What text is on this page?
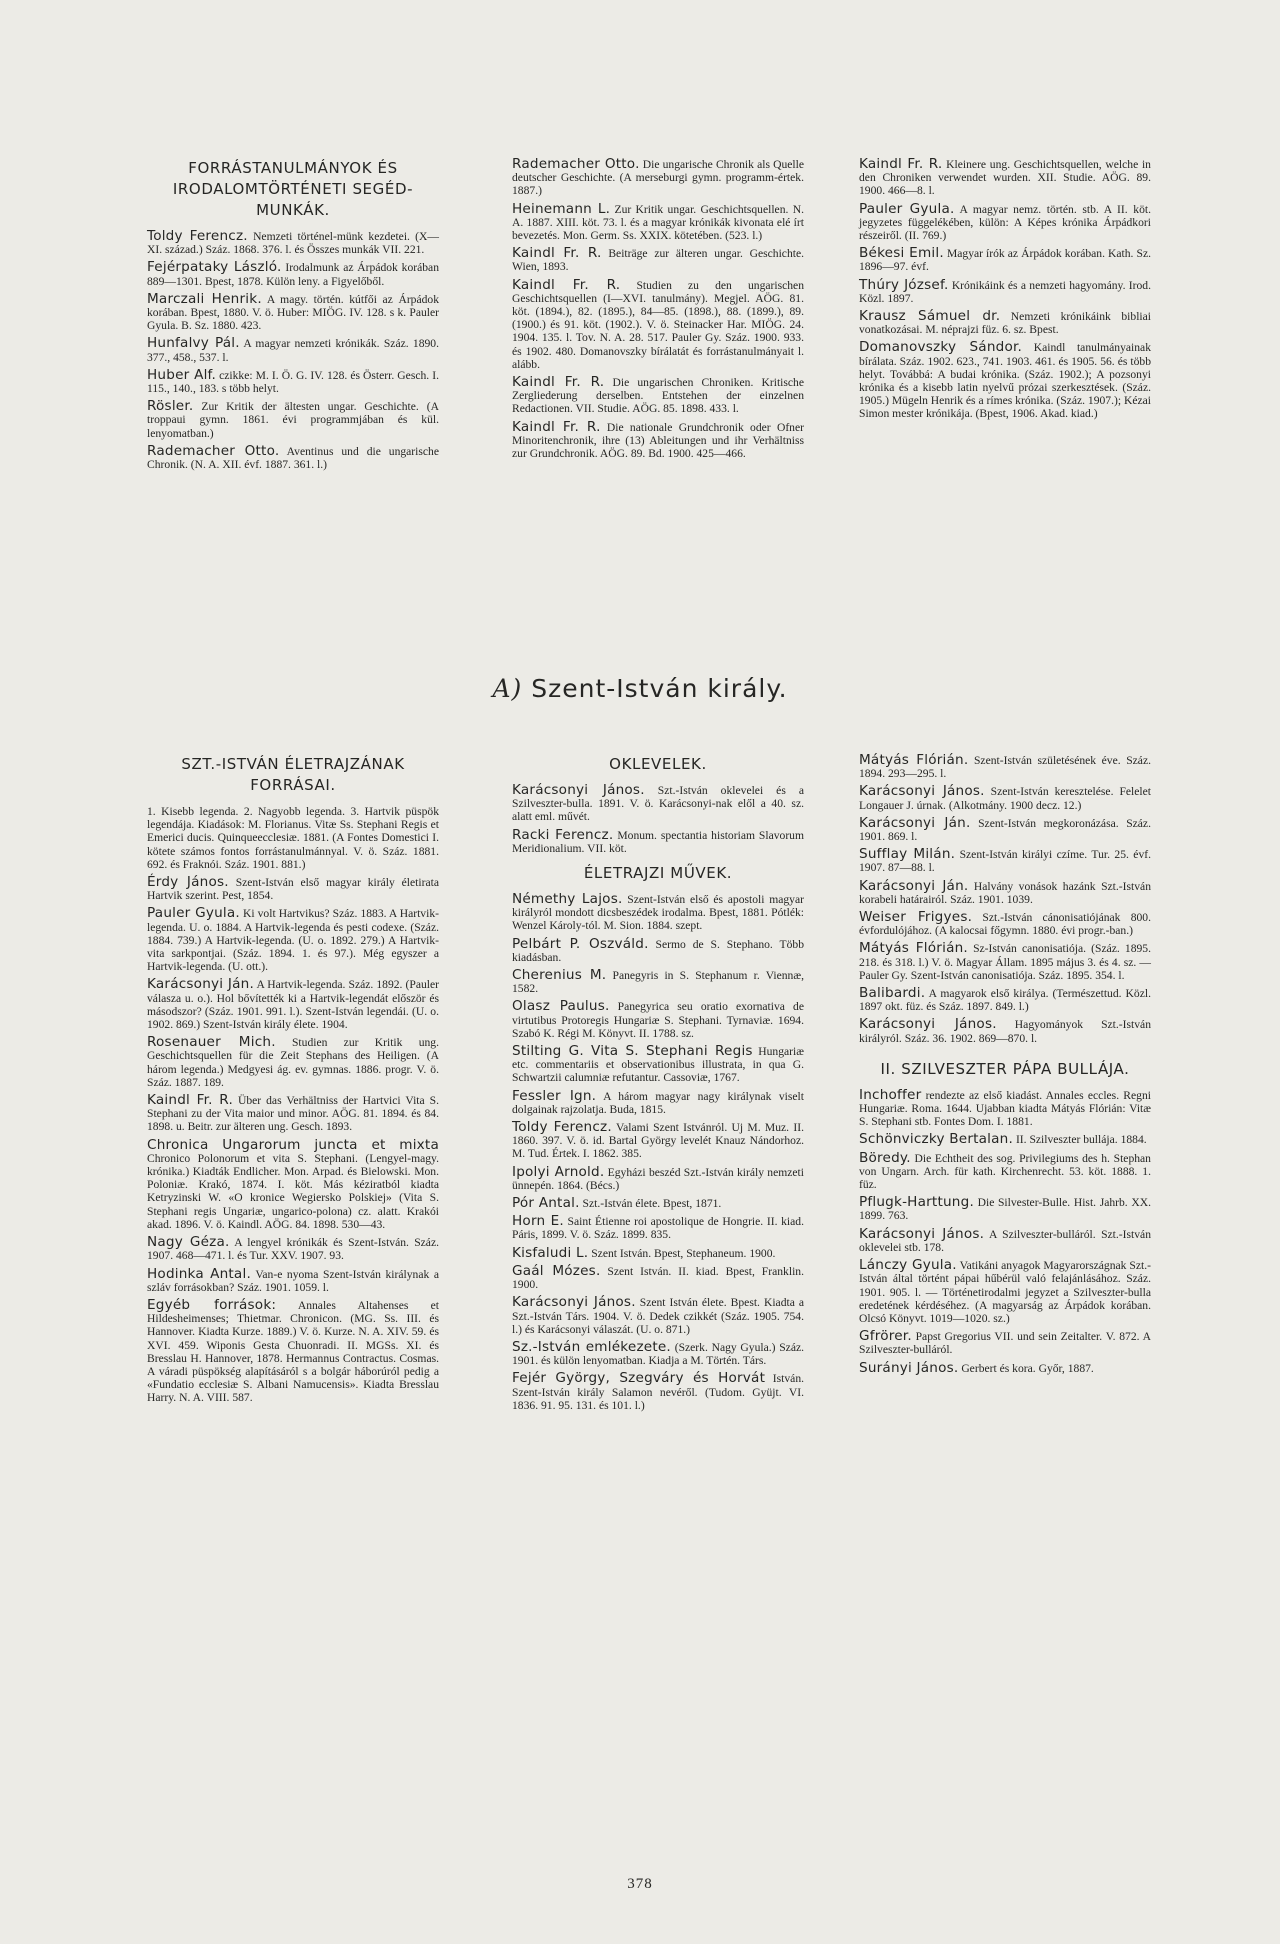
FORRÁSTANULMÁNYOK ÉS IRODALOMTÖRTÉNETI SEGÉD-MUNKÁK.
Toldy Ferencz. Nemzeti történel-münk kezdetei. (X—XI. század.) Száz. 1868. 376. l. és Összes munkák VII. 221.
Fejérpataky László. Irodalmunk az Árpádok korában 889—1301. Bpest, 1878. Külön leny. a Figyelőből.
Marczali Henrik. A magy. történ. kútfői az Árpádok korában. Bpest, 1880. V. ö. Huber: MIÖG. IV. 128. s k. Pauler Gyula. B. Sz. 1880. 423.
Hunfalvy Pál. A magyar nemzeti krónikák. Száz. 1890. 377., 458., 537. l.
Huber Alf. czikke: M. I. Ö. G. IV. 128. és Österr. Gesch. I. 115., 140., 183. s több helyt.
Rösler. Zur Kritik der ältesten ungar. Geschichte. (A troppaui gymn. 1861. évi programmjában és kül. lenyomatban.)
Rademacher Otto. Aventinus und die ungarische Chronik. (N. A. XII. évf. 1887. 361. l.)
Rademacher Otto. Die ungarische Chronik als Quelle deutscher Geschichte. (A merseburgi gymn. programm-értek. 1887.)
Heinemann L. Zur Kritik ungar. Geschichtsquellen. N. A. 1887. XIII. köt. 73. l. és a magyar krónikák kivonata elé írt bevezetés. Mon. Germ. Ss. XXIX. kötetében. (523. l.)
Kaindl Fr. R. Beiträge zur älteren ungar. Geschichte. Wien, 1893.
Kaindl Fr. R. Studien zu den ungarischen Geschichtsquellen (I—XVI. tanulmány). Megjel. AÖG. 81. köt. (1894.), 82. (1895.), 84—85. (1898.), 88. (1899.), 89. (1900.) és 91. köt. (1902.). V. ö. Steinacker Har. MIÖG. 24. 1904. 135. l. Tov. N. A. 28. 517. Pauler Gy. Száz. 1900. 933. és 1902. 480. Domanovszky bírálatát és forrástanulmányait l. alább.
Kaindl Fr. R. Die ungarischen Chroniken. Kritische Zergliederung derselben. Entstehen der einzelnen Redactionen. VII. Studie. AÖG. 85. 1898. 433. l.
Kaindl Fr. R. Die nationale Grundchronik oder Ofner Minoritenchronik, ihre (13) Ableitungen und ihr Verhältniss zur Grundchronik. AÖG. 89. Bd. 1900. 425—466.
Kaindl Fr. R. Kleinere ung. Geschichtsquellen, welche in den Chroniken verwendet wurden. XII. Studie. AÖG. 89. 1900. 466—8. l.
Pauler Gyula. A magyar nemz. történ. stb. A II. köt. jegyzetes függelékében, külön: A Képes krónika Árpádkori részeiről. (II. 769.)
Békesi Emil. Magyar írók az Árpádok korában. Kath. Sz. 1896—97. évf.
Thúry József. Krónikáink és a nemzeti hagyomány. Irod. Közl. 1897.
Krausz Sámuel dr. Nemzeti krónikáink bibliai vonatkozásai. M. néprajzi füz. 6. sz. Bpest.
Domanovszky Sándor. Kaindl tanulmányainak bírálata. Száz. 1902. 623., 741. 1903. 461. és 1905. 56. és több helyt. Továbbá: A budai krónika. (Száz. 1902.); A pozsonyi krónika és a kisebb latin nyelvű prózai szerkesztések. (Száz. 1905.) Mügeln Henrik és a rímes krónika. (Száz. 1907.); Kézai Simon mester krónikája. (Bpest, 1906. Akad. kiad.)
A) Szent-István király.
SZT.-ISTVÁN ÉLETRAJZÁNAK FORRÁSAI.
1. Kisebb legenda. 2. Nagyobb legenda. 3. Hartvik püspök legendája. Kiadások: M. Florianus. Vitæ Ss. Stephani Regis et Emerici ducis. Quinqueecclesiæ. 1881. (A Fontes Domestici I. kötete számos fontos forrástanulmánnyal. V. ö. Száz. 1881. 692. és Fraknói. Száz. 1901. 881.)
Érdy János. Szent-István első magyar király életirata Hartvik szerint. Pest, 1854.
Pauler Gyula. Ki volt Hartvikus? Száz. 1883. A Hartvik-legenda. U. o. 1884. A Hartvik-legenda és pesti codexe. (Száz. 1884. 739.) A Hartvik-legenda. (U. o. 1892. 279.) A Hartvik-vita sarkpontjai. (Száz. 1894. 1. és 97.). Még egyszer a Hartvik-legenda. (U. ott.).
Karácsonyi Ján. A Hartvik-legenda. Száz. 1892. (Pauler válasza u. o.). Hol bővítették ki a Hartvik-legendát először és másodszor? (Száz. 1901. 991. l.). Szent-István legendái. (U. o. 1902. 869.) Szent-István király élete. 1904.
Rosenauer Mich. Studien zur Kritik ung. Geschichtsquellen für die Zeit Stephans des Heiligen. (A három legenda.) Medgyesi ág. ev. gymnas. 1886. progr. V. ö. Száz. 1887. 189.
Kaindl Fr. R. Über das Verhältniss der Hartvici Vita S. Stephani zu der Vita maior und minor. AÖG. 81. 1894. és 84. 1898. u. Beitr. zur älteren ung. Gesch. 1893.
Chronica Ungarorum juncta et mixta Chronico Polonorum et vita S. Stephani. (Lengyel-magy. krónika.) Kiadták Endlicher. Mon. Arpad. és Bielowski. Mon. Poloniæ. Krakó, 1874. I. köt. Más kéziratból kiadta Ketryzinski W. «O kronice Wegiersko Polskiej» (Vita S. Stephani regis Ungariæ, ungarico-polona) cz. alatt. Krakói akad. 1896. V. ö. Kaindl. AÖG. 84. 1898. 530—43.
Nagy Géza. A lengyel krónikák és Szent-István. Száz. 1907. 468—471. l. és Tur. XXV. 1907. 93.
Hodinka Antal. Van-e nyoma Szent-István királynak a szláv forrásokban? Száz. 1901. 1059. l.
Egyéb források: Annales Altahenses et Hildesheimenses; Thietmar. Chronicon. (MG. Ss. III. és Hannover. Kiadta Kurze. 1889.) V. ö. Kurze. N. A. XIV. 59. és XVI. 459. Wiponis Gesta Chuonradi. II. MGSs. XI. és Bresslau H. Hannover, 1878. Hermannus Contractus. Cosmas. A váradi püspökség alapításáról s a bolgár háborúról pedig a «Fundatio ecclesiæ S. Albani Namucensis». Kiadta Bresslau Harry. N. A. VIII. 587.
OKLEVELEK.
Karácsonyi János. Szt.-István oklevelei és a Szilveszter-bulla. 1891. V. ö. Karácsonyi-nak elől a 40. sz. alatt eml. művét.
Racki Ferencz. Monum. spectantia historiam Slavorum Meridionalium. VII. köt.
ÉLETRAJZI MŰVEK.
Némethy Lajos. Szent-István első és apostoli magyar királyról mondott dicsbeszédek irodalma. Bpest, 1881. Pótlék: Wenzel Károly-tól. M. Sion. 1884. szept.
Pelbárt P. Oszváld. Sermo de S. Stephano. Több kiadásban.
Cherenius M. Panegyris in S. Stephanum r. Viennæ, 1582.
Olasz Paulus. Panegyrica seu oratio exornativa de virtutibus Protoregis Hungariæ S. Stephani. Tyrnaviæ. 1694. Szabó K. Régi M. Könyvt. II. 1788. sz.
Stilting G. Vita S. Stephani Regis Hungariæ etc. commentariis et observationibus illustrata, in qua G. Schwartzii calumniæ refutantur. Cassoviæ, 1767.
Fessler Ign. A három magyar nagy királynak viselt dolgainak rajzolatja. Buda, 1815.
Toldy Ferencz. Valami Szent Istvánról. Uj M. Muz. II. 1860. 397. V. ö. id. Bartal György levelét Knauz Nándorhoz. M. Tud. Értek. I. 1862. 385.
Ipolyi Arnold. Egyházi beszéd Szt.-István király nemzeti ünnepén. 1864. (Bécs.)
Pór Antal. Szt.-István élete. Bpest, 1871.
Horn E. Saint Étienne roi apostolique de Hongrie. II. kiad. Páris, 1899. V. ö. Száz. 1899. 835.
Kisfaludi L. Szent István. Bpest, Stephaneum. 1900.
Gaál Mózes. Szent István. II. kiad. Bpest, Franklin. 1900.
Karácsonyi János. Szent István élete. Bpest. Kiadta a Szt.-István Társ. 1904. V. ö. Dedek czikkét (Száz. 1905. 754. l.) és Karácsonyi válaszát. (U. o. 871.)
Sz.-István emlékezete. (Szerk. Nagy Gyula.) Száz. 1901. és külön lenyomatban. Kiadja a M. Történ. Társ.
Fejér György, Szegváry és Horvát István. Szent-István király Salamon nevéről. (Tudom. Gyüjt. VI. 1836. 91. 95. 131. és 101. l.)
Mátyás Flórián. Szent-István születésének éve. Száz. 1894. 293—295. l.
Karácsonyi János. Szent-István keresztelése. Felelet Longauer J. úrnak. (Alkotmány. 1900 decz. 12.)
Karácsonyi Ján. Szent-István megkoronázása. Száz. 1901. 869. l.
Sufflay Milán. Szent-István királyi czíme. Tur. 25. évf. 1907. 87—88. l.
Karácsonyi Ján. Halvány vonások hazánk Szt.-István korabeli határairól. Száz. 1901. 1039.
Weiser Frigyes. Szt.-István cánonisatiójának 800. évfordulójához. (A kalocsai főgymn. 1880. évi progr.-ban.)
Mátyás Flórián. Sz-István canonisatiója. (Száz. 1895. 218. és 318. l.) V. ö. Magyar Állam. 1895 május 3. és 4. sz. — Pauler Gy. Szent-István canonisatiója. Száz. 1895. 354. l.
Balibardi. A magyarok első királya. (Természettud. Közl. 1897 okt. füz. és Száz. 1897. 849. l.)
Karácsonyi János. Hagyományok Szt.-István királyról. Száz. 36. 1902. 869—870. l.
II. SZILVESZTER PÁPA BULLÁJA.
Inchoffer rendezte az első kiadást. Annales eccles. Regni Hungariæ. Roma. 1644. Ujabban kiadta Mátyás Flórián: Vitæ S. Stephani stb. Fontes Dom. I. 1881.
Schönviczky Bertalan. II. Szilveszter bullája. 1884.
Böredy. Die Echtheit des sog. Privilegiums des h. Stephan von Ungarn. Arch. für kath. Kirchenrecht. 53. köt. 1888. 1. füz.
Pflugk-Harttung. Die Silvester-Bulle. Hist. Jahrb. XX. 1899. 763.
Karácsonyi János. A Szilveszter-bulláról. Szt.-István oklevelei stb. 178.
Lánczy Gyula. Vatikáni anyagok Magyarországnak Szt.-István által történt pápai hűbérül való felajánlásához. Száz. 1901. 905. l. — Történetirodalmi jegyzet a Szilveszter-bulla eredetének kérdéséhez. (A magyarság az Árpádok korában. Olcsó Könyvt. 1019—1020. sz.)
Gfrörer. Papst Gregorius VII. und sein Zeitalter. V. 872. A Szilveszter-bulláról.
Surányi János. Gerbert és kora. Győr, 1887.
378
